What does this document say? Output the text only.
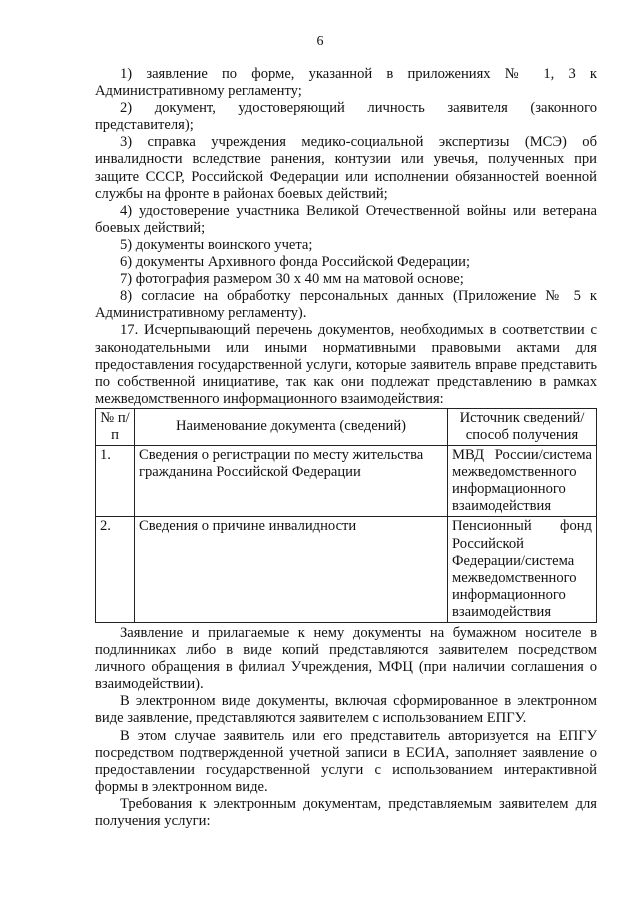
6

1) заявление по форме, указанной в приложениях № 1, 3 к Административному регламенту;

2) документ, удостоверяющий личность заявителя (законного представителя);

3) справка учреждения медико-социальной экспертизы (МСЭ) об инвалидности вследствие ранения, контузии или увечья, полученных при защите СССР, Российской Федерации или исполнении обязанностей военной службы на фронте в районах боевых действий;

4) удостоверение участника Великой Отечественной войны или ветерана боевых действий;

5) документы воинского учета;

6) документы Архивного фонда Российской Федерации;

7) фотография размером 30 x 40 мм на матовой основе;

8) согласие на обработку персональных данных (Приложение № 5 к Административному регламенту).

17. Исчерпывающий перечень документов, необходимых в соответствии с законодательными или иными нормативными правовыми актами для предоставления государственной услуги, которые заявитель вправе представить по собственной инициативе, так как они подлежат представлению в рамках межведомственного информационного взаимодействия:

№ п/п	Наименование документа (сведений)	Источник сведений/способ получения
1.	Сведения о регистрации по месту жительства гражданина Российской Федерации	МВД России/система межведомственного информационного взаимодействия
2.	Сведения о причине инвалидности	Пенсионный фонд Российской Федерации/система межведомственного информационного взаимодействия

Заявление и прилагаемые к нему документы на бумажном носителе в подлинниках либо в виде копий представляются заявителем посредством личного обращения в филиал Учреждения, МФЦ (при наличии соглашения о взаимодействии).

В электронном виде документы, включая сформированное в электронном виде заявление, представляются заявителем с использованием ЕПГУ.

В этом случае заявитель или его представитель авторизуется на ЕПГУ посредством подтвержденной учетной записи в ЕСИА, заполняет заявление о предоставлении государственной услуги с использованием интерактивной формы в электронном виде.

Требования к электронным документам, представляемым заявителем для получения услуги:
